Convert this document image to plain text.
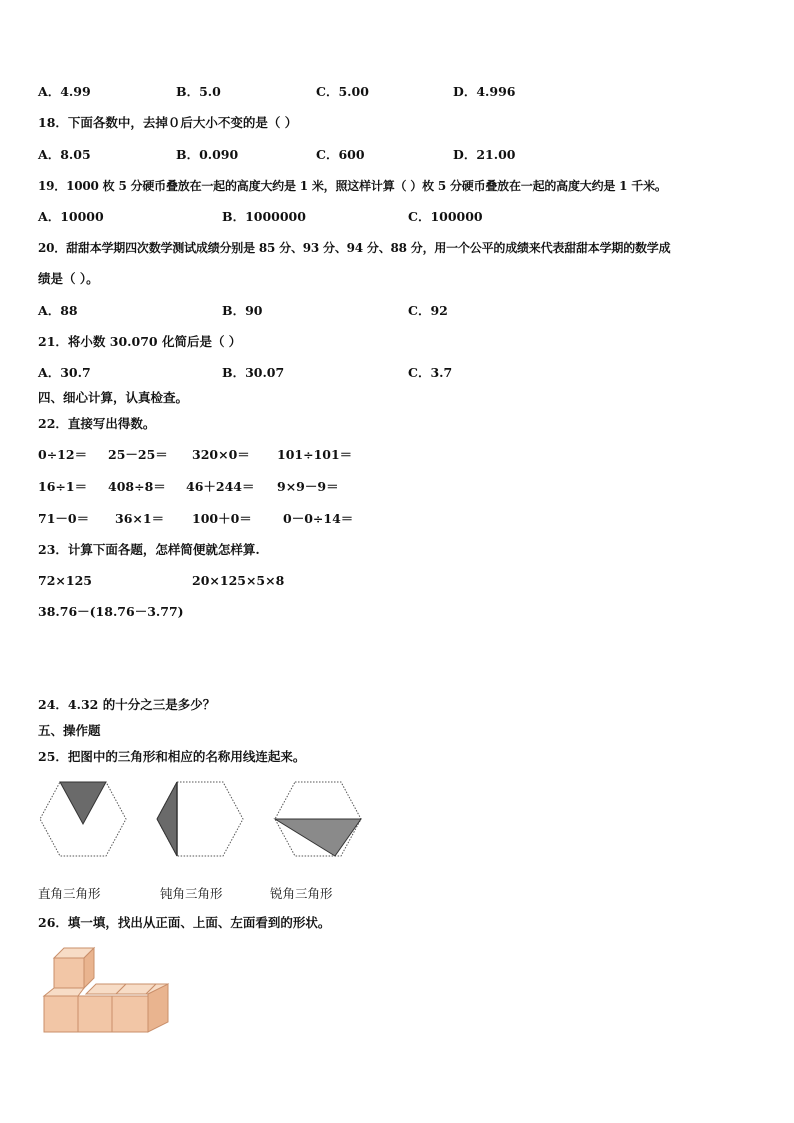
A．4.99	B．5.0	C．5.00	D．4.996
18．下面各数中，去掉０后大小不变的是（ ）
A．8.05	B．0.090	C．600	D．21.00
19．1000 枚 5 分硬币叠放在一起的高度大约是 1 米，照这样计算（ ）枚 5 分硬币叠放在一起的高度大约是 1 千米。
A．10000	B．1000000	C．100000
20．甜甜本学期四次数学测试成绩分别是 85 分、93 分、94 分、88 分，用一个公平的成绩来代表甜甜本学期的数学成
绩是（ ）。
A．88	B．90	C．92
21．将小数 30.070 化简后是（ ）
A．30.7	B．30.07	C．3.7
四、细心计算，认真检查。
22．直接写出得数。
0÷12＝ 25－25＝ 320×0＝ 101÷101＝
16÷1＝ 408÷8＝ 46＋244＝ 9×9－9＝
71－0＝ 36×1＝ 100＋0＝ 0－0÷14＝
23．计算下面各题，怎样简便就怎样算.
72×125	20×125×5×8
38.76－(18.76－3.77)
24．4.32 的十分之三是多少？
五、操作题
25．把图中的三角形和相应的名称用线连起来。
直角三角形	钝角三角形	锐角三角形
26．填一填，找出从正面、上面、左面看到的形状。
